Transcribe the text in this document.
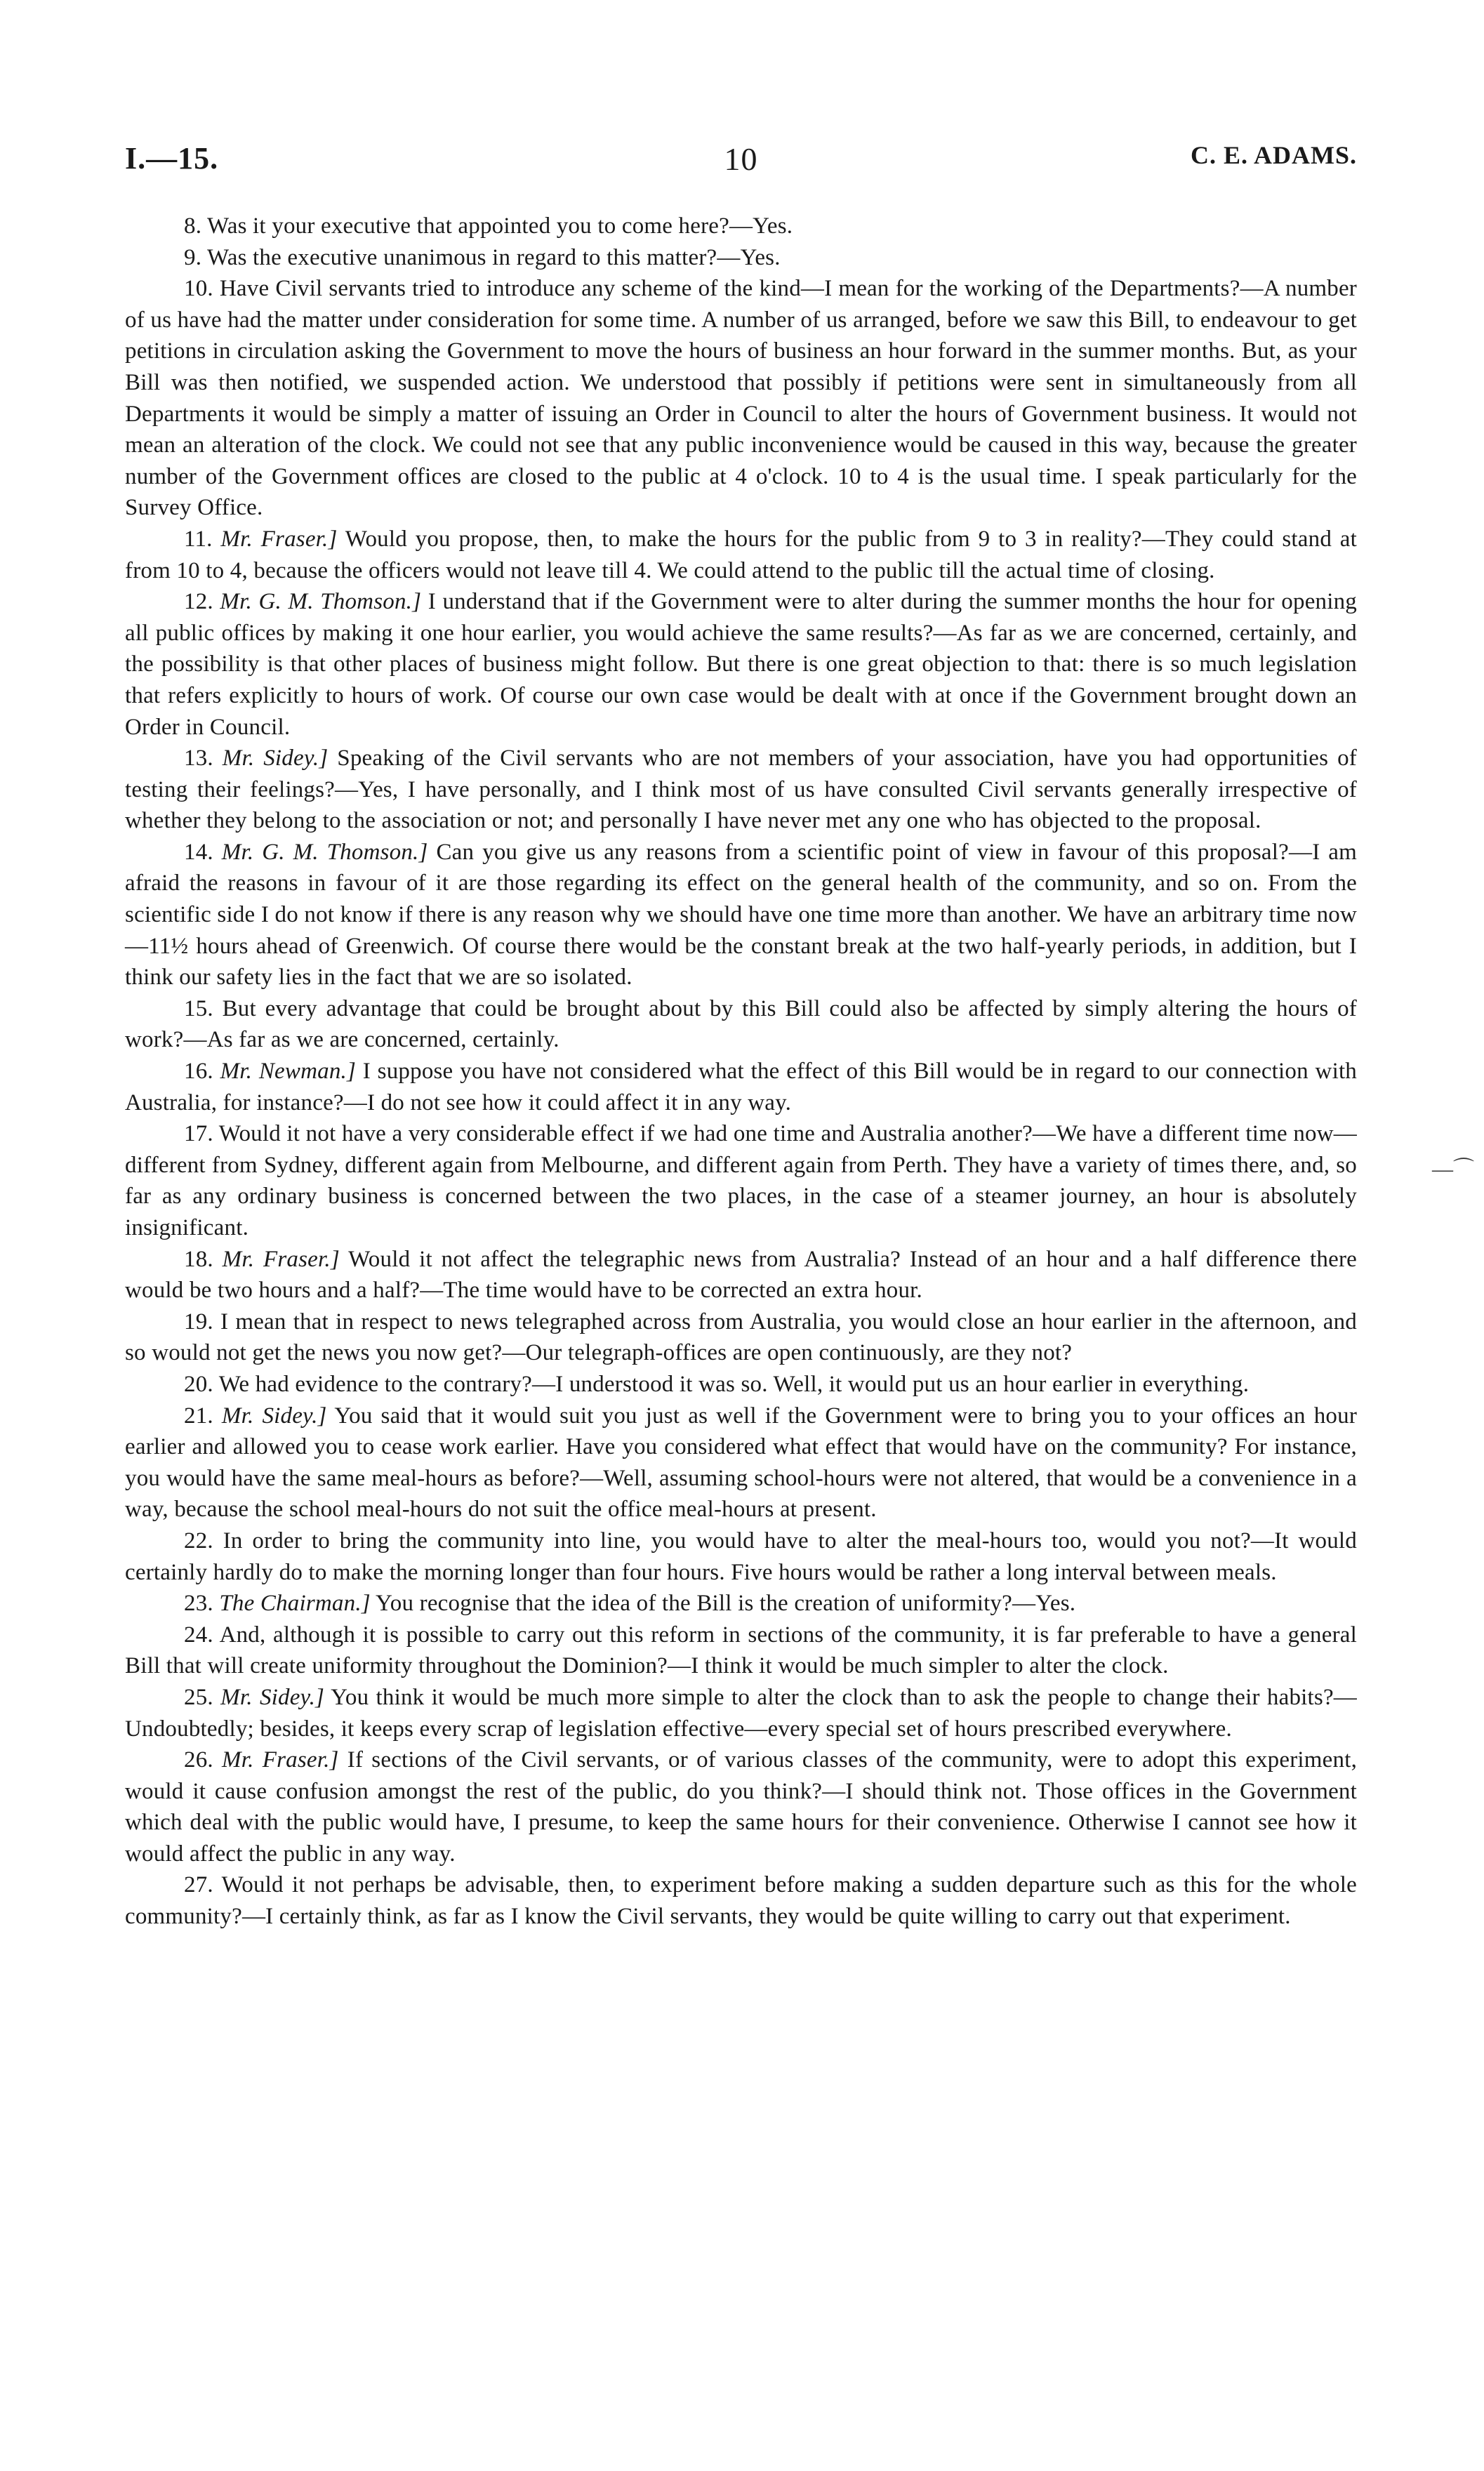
I.—15.	10	C. E. ADAMS.

8. Was it your executive that appointed you to come here?—Yes.

9. Was the executive unanimous in regard to this matter?—Yes.

10. Have Civil servants tried to introduce any scheme of the kind—I mean for the working of the Departments?—A number of us have had the matter under consideration for some time. A number of us arranged, before we saw this Bill, to endeavour to get petitions in circulation asking the Government to move the hours of business an hour forward in the summer months. But, as your Bill was then notified, we suspended action. We understood that possibly if petitions were sent in simultaneously from all Departments it would be simply a matter of issuing an Order in Council to alter the hours of Government business. It would not mean an alteration of the clock. We could not see that any public inconvenience would be caused in this way, because the greater number of the Government offices are closed to the public at 4 o'clock. 10 to 4 is the usual time. I speak particularly for the Survey Office.

11. Mr. Fraser.] Would you propose, then, to make the hours for the public from 9 to 3 in reality?—They could stand at from 10 to 4, because the officers would not leave till 4. We could attend to the public till the actual time of closing.

12. Mr. G. M. Thomson.] I understand that if the Government were to alter during the summer months the hour for opening all public offices by making it one hour earlier, you would achieve the same results?—As far as we are concerned, certainly, and the possibility is that other places of business might follow. But there is one great objection to that: there is so much legislation that refers explicitly to hours of work. Of course our own case would be dealt with at once if the Government brought down an Order in Council.

13. Mr. Sidey.] Speaking of the Civil servants who are not members of your association, have you had opportunities of testing their feelings?—Yes, I have personally, and I think most of us have consulted Civil servants generally irrespective of whether they belong to the association or not; and personally I have never met any one who has objected to the proposal.

14. Mr. G. M. Thomson.] Can you give us any reasons from a scientific point of view in favour of this proposal?—I am afraid the reasons in favour of it are those regarding its effect on the general health of the community, and so on. From the scientific side I do not know if there is any reason why we should have one time more than another. We have an arbitrary time now—11½ hours ahead of Greenwich. Of course there would be the constant break at the two half-yearly periods, in addition, but I think our safety lies in the fact that we are so isolated.

15. But every advantage that could be brought about by this Bill could also be affected by simply altering the hours of work?—As far as we are concerned, certainly.

16. Mr. Newman.] I suppose you have not considered what the effect of this Bill would be in regard to our connection with Australia, for instance?—I do not see how it could affect it in any way.

17. Would it not have a very considerable effect if we had one time and Australia another?—We have a different time now—different from Sydney, different again from Melbourne, and different again from Perth. They have a variety of times there, and, so far as any ordinary business is concerned between the two places, in the case of a steamer journey, an hour is absolutely insignificant.

18. Mr. Fraser.] Would it not affect the telegraphic news from Australia? Instead of an hour and a half difference there would be two hours and a half?—The time would have to be corrected an extra hour.

19. I mean that in respect to news telegraphed across from Australia, you would close an hour earlier in the afternoon, and so would not get the news you now get?—Our telegraph-offices are open continuously, are they not?

20. We had evidence to the contrary?—I understood it was so. Well, it would put us an hour earlier in everything.

21. Mr. Sidey.] You said that it would suit you just as well if the Government were to bring you to your offices an hour earlier and allowed you to cease work earlier. Have you considered what effect that would have on the community? For instance, you would have the same meal-hours as before?—Well, assuming school-hours were not altered, that would be a convenience in a way, because the school meal-hours do not suit the office meal-hours at present.

22. In order to bring the community into line, you would have to alter the meal-hours too, would you not?—It would certainly hardly do to make the morning longer than four hours. Five hours would be rather a long interval between meals.

23. The Chairman.] You recognise that the idea of the Bill is the creation of uniformity?—Yes.

24. And, although it is possible to carry out this reform in sections of the community, it is far preferable to have a general Bill that will create uniformity throughout the Dominion?—I think it would be much simpler to alter the clock.

25. Mr. Sidey.] You think it would be much more simple to alter the clock than to ask the people to change their habits?—Undoubtedly; besides, it keeps every scrap of legislation effective—every special set of hours prescribed everywhere.

26. Mr. Fraser.] If sections of the Civil servants, or of various classes of the community, were to adopt this experiment, would it cause confusion amongst the rest of the public, do you think?—I should think not. Those offices in the Government which deal with the public would have, I presume, to keep the same hours for their convenience. Otherwise I cannot see how it would affect the public in any way.

27. Would it not perhaps be advisable, then, to experiment before making a sudden departure such as this for the whole community?—I certainly think, as far as I know the Civil servants, they would be quite willing to carry out that experiment.

—⌒
